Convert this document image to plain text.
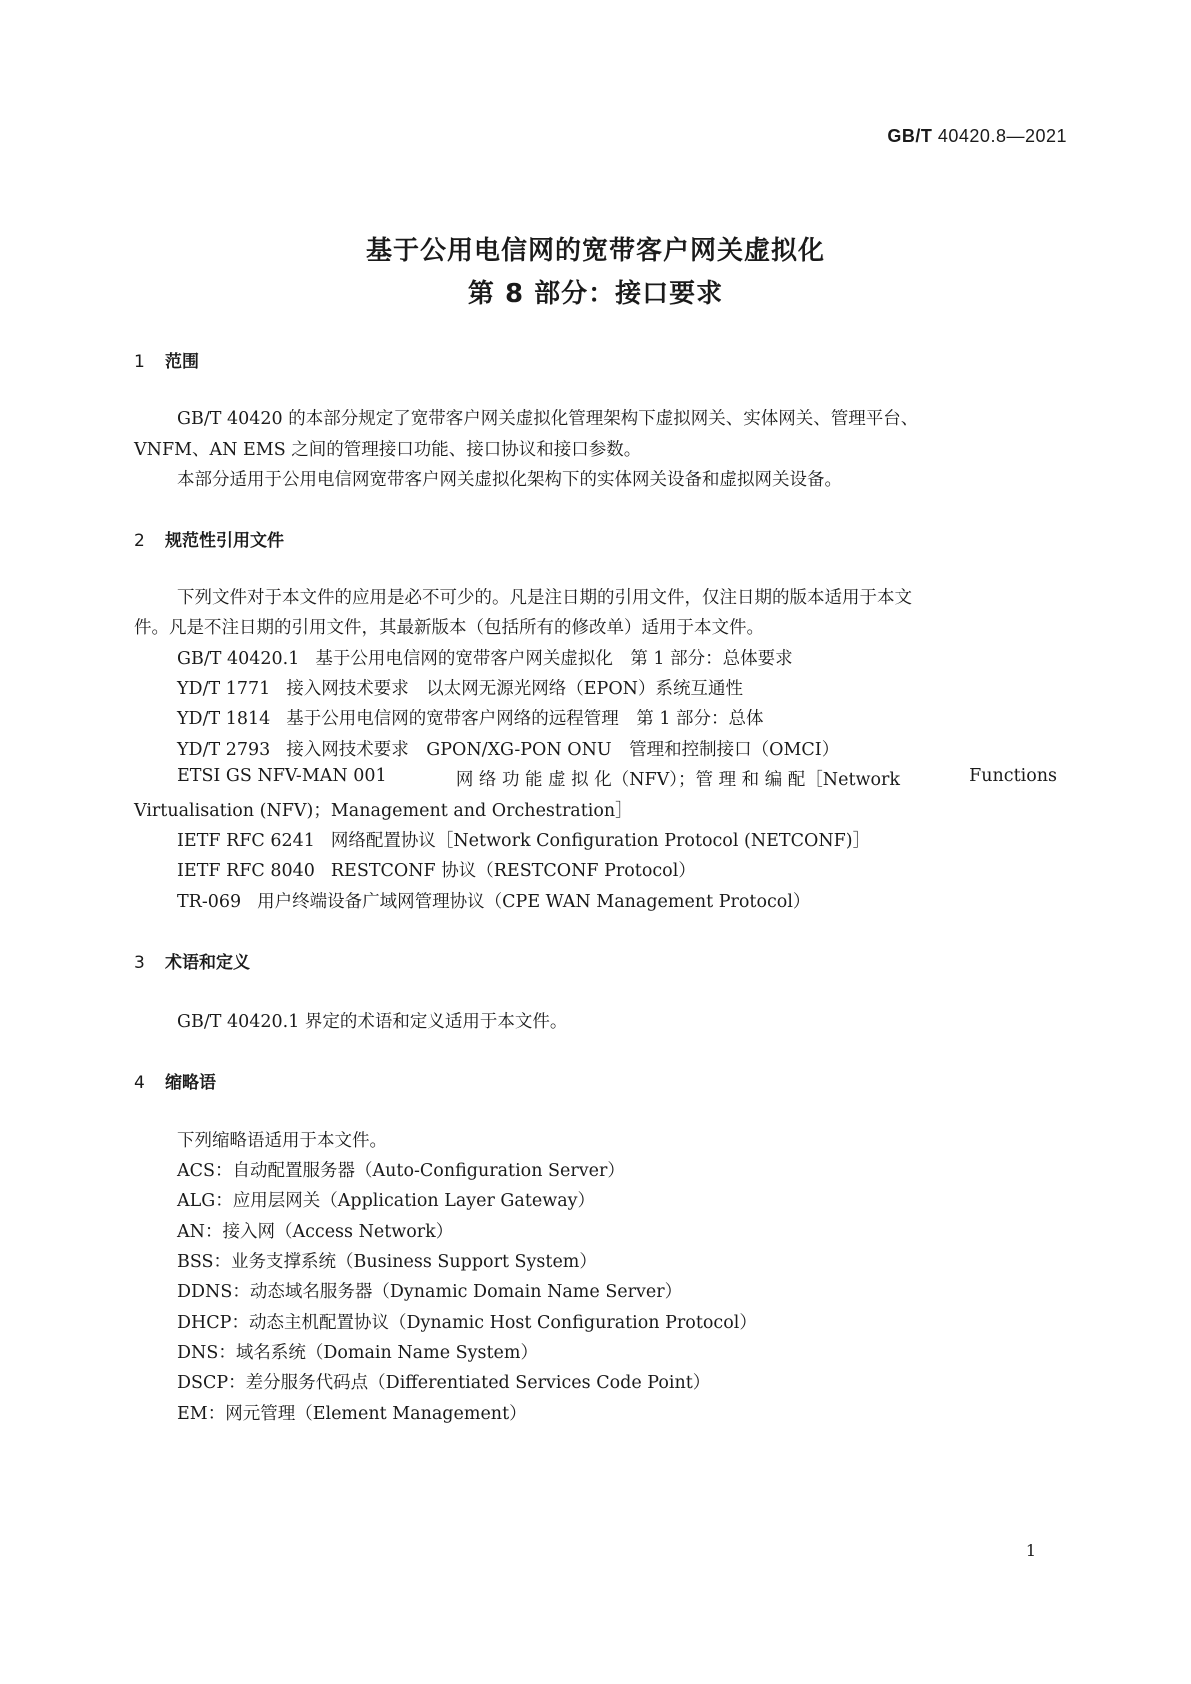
GB/T 40420.8—2021
基于公用电信网的宽带客户网关虚拟化
第 8 部分：接口要求
1 范围
GB/T 40420 的本部分规定了宽带客户网关虚拟化管理架构下虚拟网关、实体网关、管理平台、
VNFM、AN EMS 之间的管理接口功能、接口协议和接口参数。
本部分适用于公用电信网宽带客户网关虚拟化架构下的实体网关设备和虚拟网关设备。
2 规范性引用文件
下列文件对于本文件的应用是必不可少的。凡是注日期的引用文件，仅注日期的版本适用于本文
件。凡是不注日期的引用文件，其最新版本（包括所有的修改单）适用于本文件。
GB/T 40420.1 基于公用电信网的宽带客户网关虚拟化　第 1 部分：总体要求
YD/T 1771 接入网技术要求　以太网无源光网络（EPON）系统互通性
YD/T 1814 基于公用电信网的宽带客户网络的远程管理　第 1 部分：总体
YD/T 2793 接入网技术要求　GPON/XG-PON ONU　管理和控制接口（OMCI）
ETSI GS NFV-MAN 001	网 络 功 能 虚 拟 化（NFV）；管 理 和 编 配［Network	Functions
Virtualisation (NFV)；Management and Orchestration］
IETF RFC 6241 网络配置协议［Network Configuration Protocol (NETCONF)］
IETF RFC 8040 RESTCONF 协议（RESTCONF Protocol）
TR-069 用户终端设备广域网管理协议（CPE WAN Management Protocol）
3 术语和定义
GB/T 40420.1 界定的术语和定义适用于本文件。
4 缩略语
下列缩略语适用于本文件。
ACS：自动配置服务器（Auto-Configuration Server）
ALG：应用层网关（Application Layer Gateway）
AN：接入网（Access Network）
BSS：业务支撑系统（Business Support System）
DDNS：动态域名服务器（Dynamic Domain Name Server）
DHCP：动态主机配置协议（Dynamic Host Configuration Protocol）
DNS：域名系统（Domain Name System）
DSCP：差分服务代码点（Differentiated Services Code Point）
EM：网元管理（Element Management）
1
